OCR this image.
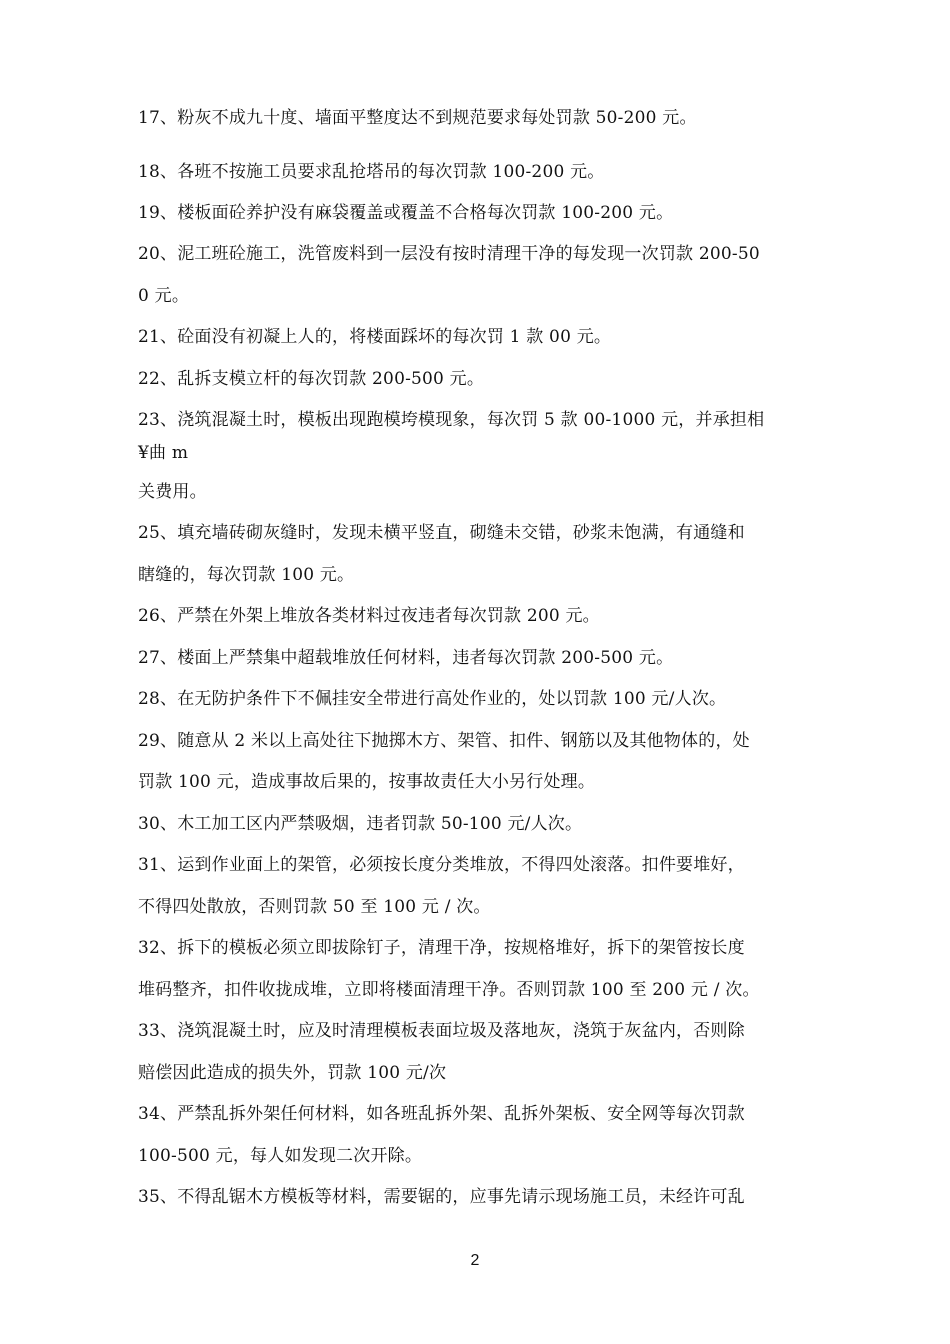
17、粉灰不成九十度、墙面平整度达不到规范要求每处罚款 50-200 元。
18、各班不按施工员要求乱抢塔吊的每次罚款 100-200 元。
19、楼板面砼养护没有麻袋覆盖或覆盖不合格每次罚款 100-200 元。
20、泥工班砼施工，洗管废料到一层没有按时清理干净的每发现一次罚款 200-50
0 元。
21、砼面没有初凝上人的，将楼面踩坏的每次罚 1 款 00 元。
22、乱拆支模立杆的每次罚款 200-500 元。
23、浇筑混凝土时，模板出现跑模垮模现象，每次罚 5 款 00-1000 元，并承担相
¥曲 m
关费用。
25、填充墙砖砌灰缝时，发现未横平竖直，砌缝未交错，砂浆未饱满，有通缝和
瞎缝的，每次罚款 100 元。
26、严禁在外架上堆放各类材料过夜违者每次罚款 200 元。
27、楼面上严禁集中超载堆放任何材料，违者每次罚款 200-500 元。
28、在无防护条件下不佩挂安全带进行高处作业的，处以罚款 100 元/人次。
29、随意从 2 米以上高处往下抛掷木方、架管、扣件、钢筋以及其他物体的，处
罚款 100 元，造成事故后果的，按事故责任大小另行处理。
30、木工加工区内严禁吸烟，违者罚款 50-100 元/人次。
31、运到作业面上的架管，必须按长度分类堆放，不得四处滚落。扣件要堆好，
不得四处散放，否则罚款 50 至 100 元 / 次。
32、拆下的模板必须立即拔除钉子，清理干净，按规格堆好，拆下的架管按长度
堆码整齐，扣件收拢成堆，立即将楼面清理干净。否则罚款 100 至 200 元 / 次。
33、浇筑混凝土时，应及时清理模板表面垃圾及落地灰，浇筑于灰盆内，否则除
赔偿因此造成的损失外，罚款 100 元/次
34、严禁乱拆外架任何材料，如各班乱拆外架、乱拆外架板、安全网等每次罚款
100-500 元，每人如发现二次开除。
35、不得乱锯木方模板等材料，需要锯的，应事先请示现场施工员，未经许可乱
2
